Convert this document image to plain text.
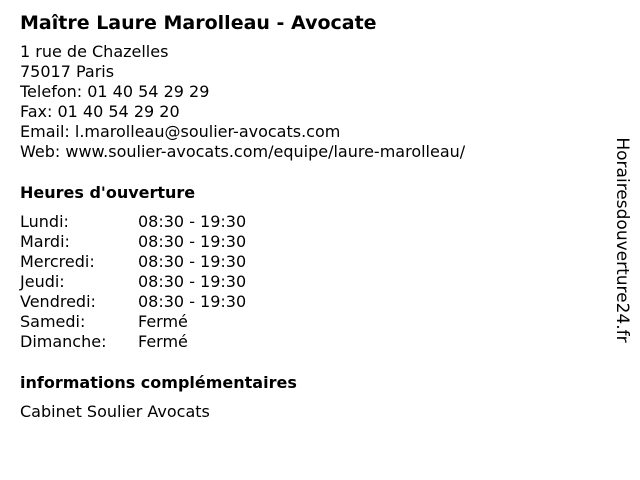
Maître Laure Marolleau - Avocate
1 rue de Chazelles
75017 Paris
Telefon: 01 40 54 29 29
Fax: 01 40 54 29 20
Email: l.marolleau@soulier-avocats.com
Web: www.soulier-avocats.com/equipe/laure-marolleau/
Heures d'ouverture
Lundi:	08:30 - 19:30
Mardi:	08:30 - 19:30
Mercredi:	08:30 - 19:30
Jeudi:	08:30 - 19:30
Vendredi:	08:30 - 19:30
Samedi:	Fermé
Dimanche:	Fermé
informations complémentaires
Cabinet Soulier Avocats
Horairesdouverture24.fr
